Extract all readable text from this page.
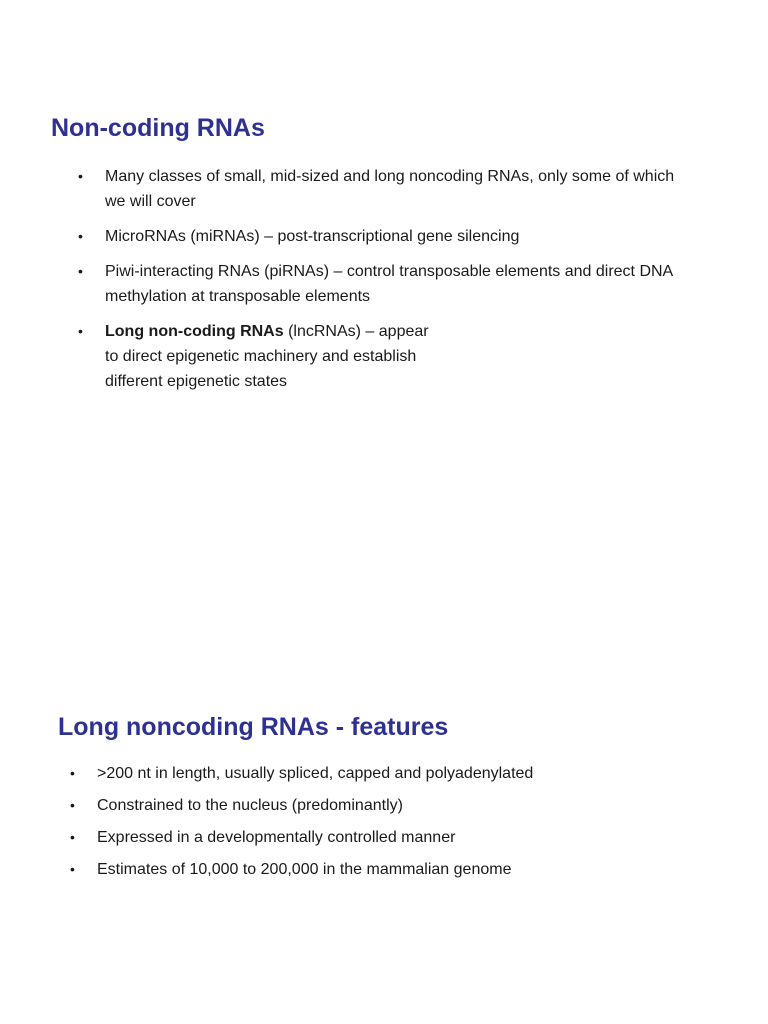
Non-coding RNAs
• Many classes of small, mid-sized and long noncoding RNAs, only some of which we will cover
• MicroRNAs (miRNAs) – post-transcriptional gene silencing
• Piwi-interacting RNAs (piRNAs) – control transposable elements and direct DNA methylation at transposable elements
• Long non-coding RNAs (lncRNAs) – appear
to direct epigenetic machinery and establish
different epigenetic states
Long noncoding RNAs - features
• >200 nt in length, usually spliced, capped and polyadenylated
• Constrained to the nucleus (predominantly)
• Expressed in a developmentally controlled manner
• Estimates of 10,000 to 200,000 in the mammalian genome
